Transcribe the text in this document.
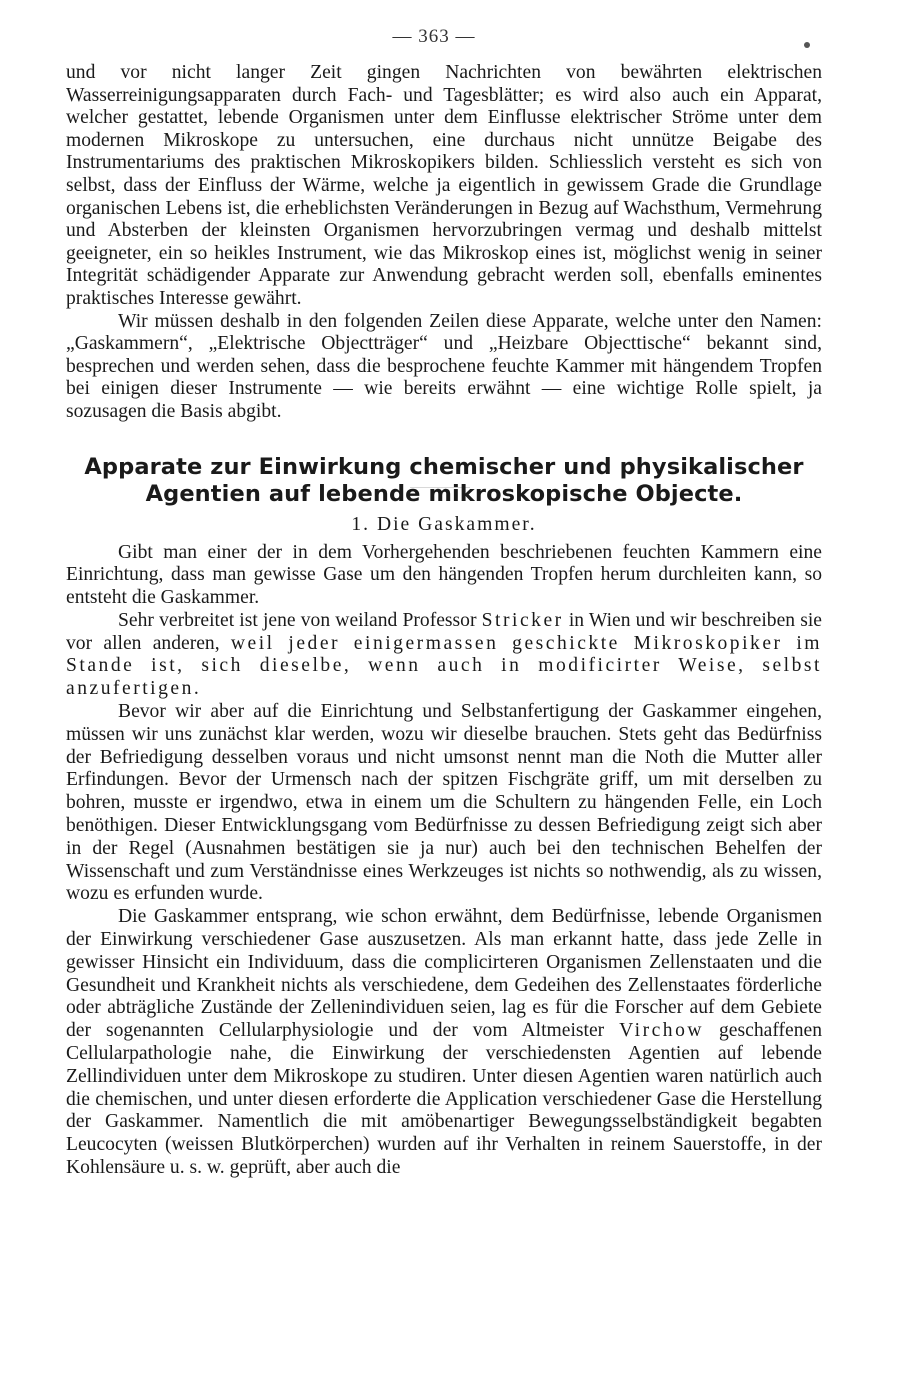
— 363 —

und vor nicht langer Zeit gingen Nachrichten von bewährten elektrischen Wasserreinigungsapparaten durch Fach- und Tagesblätter; es wird also auch ein Apparat, welcher gestattet, lebende Organismen unter dem Einflusse elektrischer Ströme unter dem modernen Mikroskope zu untersuchen, eine durchaus nicht unnütze Beigabe des Instrumentariums des praktischen Mikroskopikers bilden. Schliesslich versteht es sich von selbst, dass der Einfluss der Wärme, welche ja eigentlich in gewissem Grade die Grundlage organischen Lebens ist, die erheblichsten Veränderungen in Bezug auf Wachsthum, Vermehrung und Absterben der kleinsten Organismen hervorzubringen vermag und deshalb mittelst geeigneter, ein so heikles Instrument, wie das Mikroskop eines ist, möglichst wenig in seiner Integrität schädigender Apparate zur Anwendung gebracht werden soll, ebenfalls eminentes praktisches Interesse gewährt.

Wir müssen deshalb in den folgenden Zeilen diese Apparate, welche unter den Namen: „Gaskammern“, „Elektrische Objectträger“ und „Heizbare Objecttische“ bekannt sind, besprechen und werden sehen, dass die besprochene feuchte Kammer mit hängendem Tropfen bei einigen dieser Instrumente — wie bereits erwähnt — eine wichtige Rolle spielt, ja sozusagen die Basis abgibt.

Apparate zur Einwirkung chemischer und physikalischer
Agentien auf lebende mikroskopische Objecte.
1. Die Gaskammer.

Gibt man einer der in dem Vorhergehenden beschriebenen feuchten Kammern eine Einrichtung, dass man gewisse Gase um den hängenden Tropfen herum durchleiten kann, so entsteht die Gaskammer.

Sehr verbreitet ist jene von weiland Professor Stricker in Wien und wir beschreiben sie vor allen anderen, weil jeder einigermassen geschickte Mikroskopiker im Stande ist, sich dieselbe, wenn auch in modificirter Weise, selbst anzufertigen.

Bevor wir aber auf die Einrichtung und Selbstanfertigung der Gaskammer eingehen, müssen wir uns zunächst klar werden, wozu wir dieselbe brauchen. Stets geht das Bedürfniss der Befriedigung desselben voraus und nicht umsonst nennt man die Noth die Mutter aller Erfindungen. Bevor der Urmensch nach der spitzen Fischgräte griff, um mit derselben zu bohren, musste er irgendwo, etwa in einem um die Schultern zu hängenden Felle, ein Loch benöthigen. Dieser Entwicklungsgang vom Bedürfnisse zu dessen Befriedigung zeigt sich aber in der Regel (Ausnahmen bestätigen sie ja nur) auch bei den technischen Behelfen der Wissenschaft und zum Verständnisse eines Werkzeuges ist nichts so nothwendig, als zu wissen, wozu es erfunden wurde.

Die Gaskammer entsprang, wie schon erwähnt, dem Bedürfnisse, lebende Organismen der Einwirkung verschiedener Gase auszusetzen. Als man erkannt hatte, dass jede Zelle in gewisser Hinsicht ein Individuum, dass die complicirteren Organismen Zellenstaaten und die Gesundheit und Krankheit nichts als verschiedene, dem Gedeihen des Zellenstaates förderliche oder abträgliche Zustände der Zellenindividuen seien, lag es für die Forscher auf dem Gebiete der sogenannten Cellularphysiologie und der vom Altmeister Virchow geschaffenen Cellularpathologie nahe, die Einwirkung der verschiedensten Agentien auf lebende Zellindividuen unter dem Mikroskope zu studiren. Unter diesen Agentien waren natürlich auch die chemischen, und unter diesen erforderte die Application verschiedener Gase die Herstellung der Gaskammer. Namentlich die mit amöbenartiger Bewegungsselbständigkeit begabten Leucocyten (weissen Blutkörperchen) wurden auf ihr Verhalten in reinem Sauerstoffe, in der Kohlensäure u. s. w. geprüft, aber auch die
